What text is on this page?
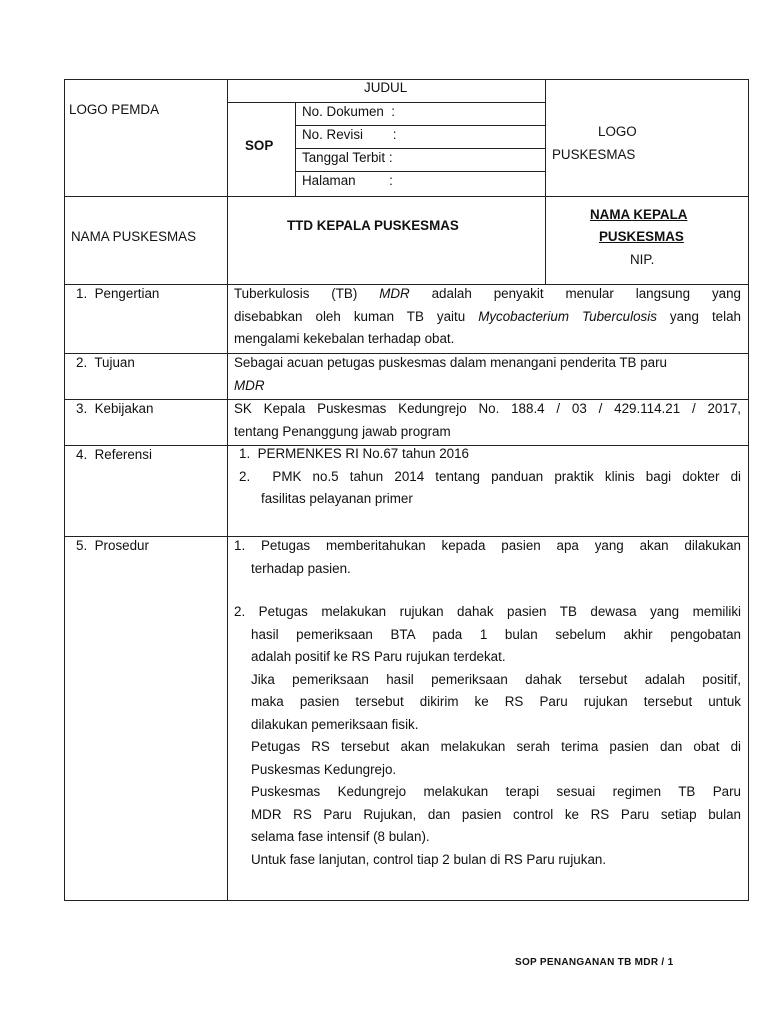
LOGO PEMDA
JUDUL
SOP
No. Dokumen  :
No. Revisi        :
Tanggal Terbit :
Halaman         :
LOGO
PUSKESMAS
NAMA PUSKESMAS
TTD KEPALA PUSKESMAS
NAMA KEPALA
PUSKESMAS
NIP.
1.  Pengertian
2.  Tujuan
3.  Kebijakan
4.  Referensi
5.  Prosedur
Tuberkulosis (TB) MDR adalah penyakit menular langsung yang
disebabkan oleh kuman TB yaitu Mycobacterium Tuberculosis yang telah
mengalami kekebalan terhadap obat.
Sebagai acuan petugas puskesmas dalam menangani penderita TB paru
MDR
SK Kepala Puskesmas Kedungrejo No. 188.4 / 03 / 429.114.21 / 2017,
tentang Penanggung jawab program
1.  PERMENKES RI No.67 tahun 2016
2.  PMK no.5 tahun 2014 tentang panduan praktik klinis bagi dokter di
fasilitas pelayanan primer
1. Petugas memberitahukan kepada pasien apa yang akan dilakukan
terhadap pasien.
2. Petugas melakukan rujukan dahak pasien TB dewasa yang memiliki
hasil pemeriksaan BTA pada 1 bulan sebelum akhir pengobatan
adalah positif ke RS Paru rujukan terdekat.
Jika pemeriksaan hasil pemeriksaan dahak tersebut adalah positif,
maka pasien tersebut dikirim ke RS Paru rujukan tersebut untuk
dilakukan pemeriksaan fisik.
Petugas RS tersebut akan melakukan serah terima pasien dan obat di
Puskesmas Kedungrejo.
Puskesmas Kedungrejo melakukan terapi sesuai regimen TB Paru
MDR RS Paru Rujukan, dan pasien control ke RS Paru setiap bulan
selama fase intensif (8 bulan).
Untuk fase lanjutan, control tiap 2 bulan di RS Paru rujukan.
SOP PENANGANAN TB MDR / 1
